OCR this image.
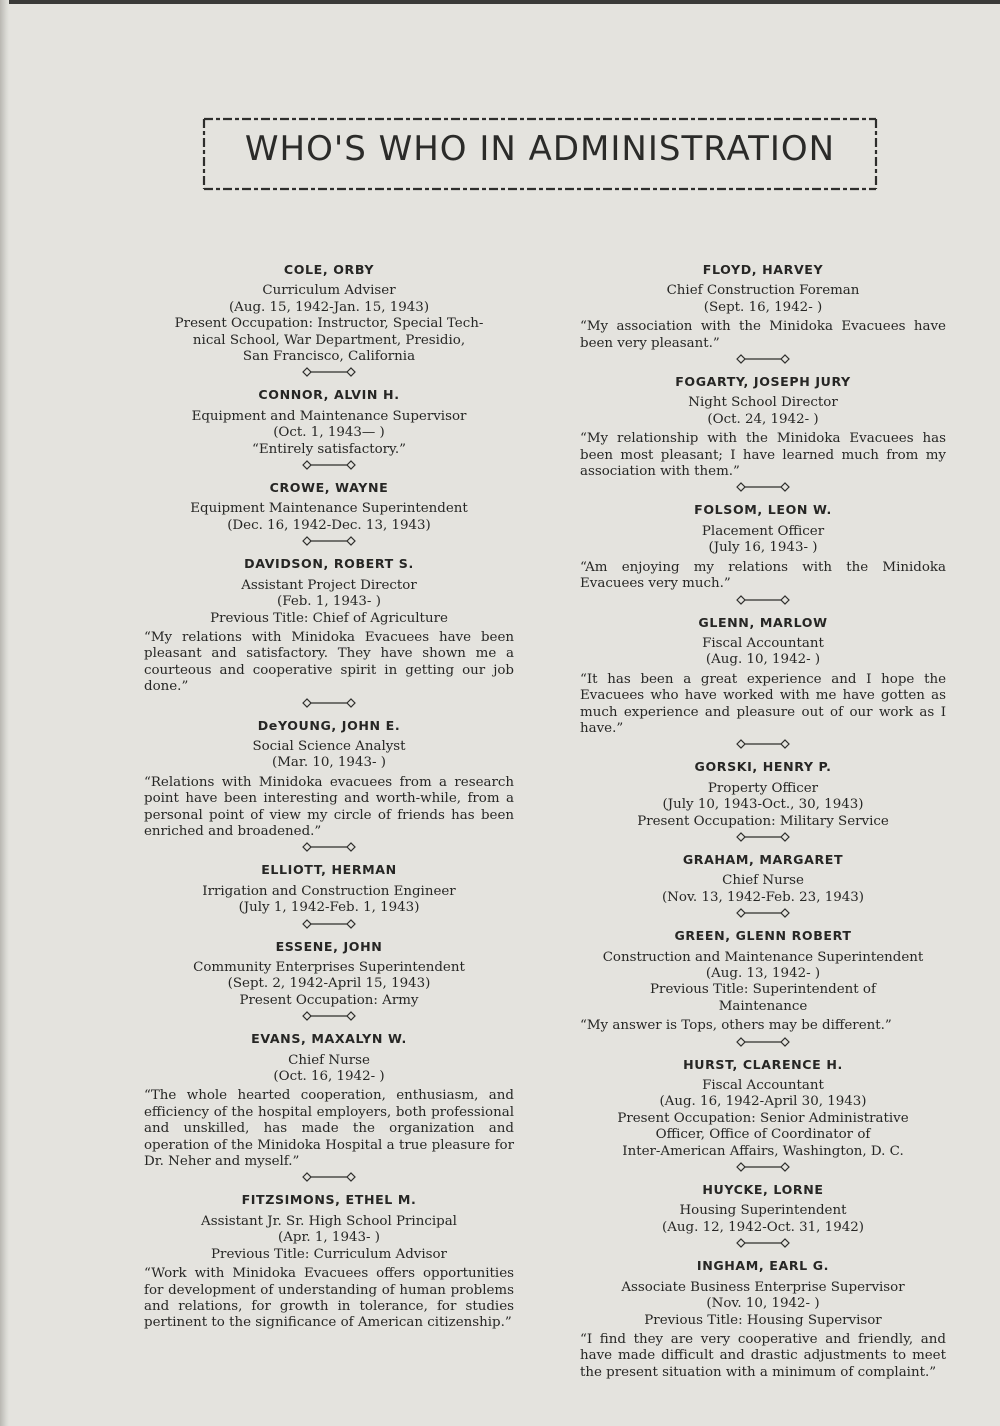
WHO'S WHO IN ADMINISTRATION
COLE, ORBY
Curriculum Adviser
(Aug. 15, 1942-Jan. 15, 1943)
Present Occupation: Instructor, Special Tech-
nical School, War Department, Presidio,
San Francisco, California
CONNOR, ALVIN H.
Equipment and Maintenance Supervisor
(Oct. 1, 1943— )
“Entirely satisfactory.”
CROWE, WAYNE
Equipment Maintenance Superintendent
(Dec. 16, 1942-Dec. 13, 1943)
DAVIDSON, ROBERT S.
Assistant Project Director
(Feb. 1, 1943- )
Previous Title: Chief of Agriculture
“My relations with Minidoka Evacuees have been pleasant and satisfactory. They have shown me a courteous and cooperative spirit in getting our job done.”
DeYOUNG, JOHN E.
Social Science Analyst
(Mar. 10, 1943- )
“Relations with Minidoka evacuees from a research point have been interesting and worth-while, from a personal point of view my circle of friends has been enriched and broadened.”
ELLIOTT, HERMAN
Irrigation and Construction Engineer
(July 1, 1942-Feb. 1, 1943)
ESSENE, JOHN
Community Enterprises Superintendent
(Sept. 2, 1942-April 15, 1943)
Present Occupation: Army
EVANS, MAXALYN W.
Chief Nurse
(Oct. 16, 1942- )
“The whole hearted cooperation, enthusiasm, and efficiency of the hospital employers, both professional and unskilled, has made the organization and operation of the Minidoka Hospital a true pleasure for Dr. Neher and myself.”
FITZSIMONS, ETHEL M.
Assistant Jr. Sr. High School Principal
(Apr. 1, 1943- )
Previous Title: Curriculum Advisor
“Work with Minidoka Evacuees offers opportunities for development of understanding of human problems and relations, for growth in tolerance, for studies pertinent to the significance of American citizenship.”
FLOYD, HARVEY
Chief Construction Foreman
(Sept. 16, 1942- )
“My association with the Minidoka Evacuees have been very pleasant.”
FOGARTY, JOSEPH JURY
Night School Director
(Oct. 24, 1942- )
“My relationship with the Minidoka Evacuees has been most pleasant; I have learned much from my association with them.”
FOLSOM, LEON W.
Placement Officer
(July 16, 1943- )
“Am enjoying my relations with the Minidoka Evacuees very much.”
GLENN, MARLOW
Fiscal Accountant
(Aug. 10, 1942- )
“It has been a great experience and I hope the Evacuees who have worked with me have gotten as much experience and pleasure out of our work as I have.”
GORSKI, HENRY P.
Property Officer
(July 10, 1943-Oct., 30, 1943)
Present Occupation: Military Service
GRAHAM, MARGARET
Chief Nurse
(Nov. 13, 1942-Feb. 23, 1943)
GREEN, GLENN ROBERT
Construction and Maintenance Superintendent
(Aug. 13, 1942- )
Previous Title: Superintendent of
Maintenance
“My answer is Tops, others may be different.”
HURST, CLARENCE H.
Fiscal Accountant
(Aug. 16, 1942-April 30, 1943)
Present Occupation: Senior Administrative
Officer, Office of Coordinator of
Inter-American Affairs, Washington, D. C.
HUYCKE, LORNE
Housing Superintendent
(Aug. 12, 1942-Oct. 31, 1942)
INGHAM, EARL G.
Associate Business Enterprise Supervisor
(Nov. 10, 1942- )
Previous Title: Housing Supervisor
“I find they are very cooperative and friendly, and have made difficult and drastic adjustments to meet the present situation with a minimum of complaint.”
